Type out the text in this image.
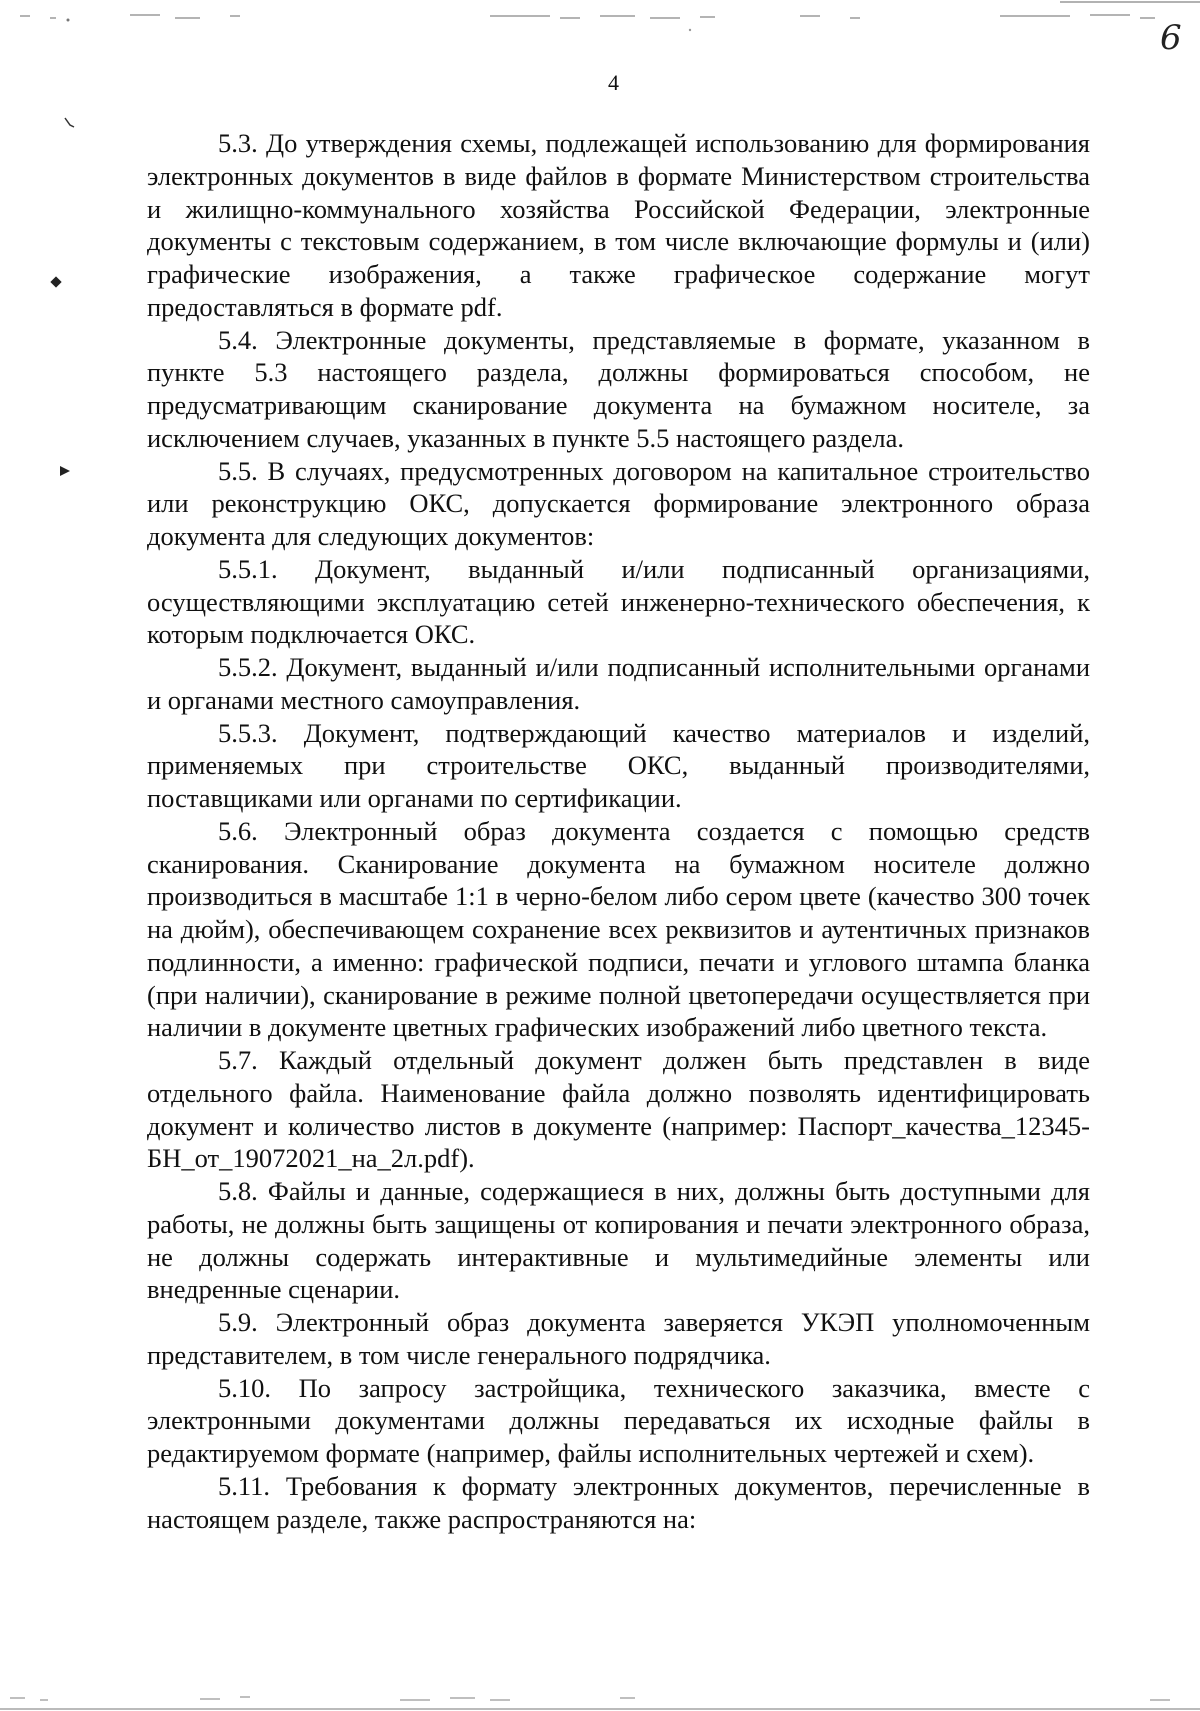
6
4

5.3. До утверждения схемы, подлежащей использованию для формирования электронных документов в виде файлов в формате Министерством строительства и жилищно-коммунального хозяйства Российской Федерации, электронные документы с текстовым содержанием, в том числе включающие формулы и (или) графические изображения, а также графическое содержание могут предоставляться в формате pdf.

5.4. Электронные документы, представляемые в формате, указанном в пункте 5.3 настоящего раздела, должны формироваться способом, не предусматривающим сканирование документа на бумажном носителе, за исключением случаев, указанных в пункте 5.5 настоящего раздела.

5.5. В случаях, предусмотренных договором на капитальное строительство или реконструкцию ОКС, допускается формирование электронного образа документа для следующих документов:

5.5.1. Документ, выданный и/или подписанный организациями, осуществляющими эксплуатацию сетей инженерно-технического обеспечения, к которым подключается ОКС.

5.5.2. Документ, выданный и/или подписанный исполнительными органами и органами местного самоуправления.

5.5.3. Документ, подтверждающий качество материалов и изделий, применяемых при строительстве ОКС, выданный производителями, поставщиками или органами по сертификации.

5.6. Электронный образ документа создается с помощью средств сканирования. Сканирование документа на бумажном носителе должно производиться в масштабе 1:1 в черно-белом либо сером цвете (качество 300 точек на дюйм), обеспечивающем сохранение всех реквизитов и аутентичных признаков подлинности, а именно: графической подписи, печати и углового штампа бланка (при наличии), сканирование в режиме полной цветопередачи осуществляется при наличии в документе цветных графических изображений либо цветного текста.

5.7. Каждый отдельный документ должен быть представлен в виде отдельного файла. Наименование файла должно позволять идентифицировать документ и количество листов в документе (например: Паспорт_качества_12345-БН_от_19072021_на_2л.pdf).

5.8. Файлы и данные, содержащиеся в них, должны быть доступными для работы, не должны быть защищены от копирования и печати электронного образа, не должны содержать интерактивные и мультимедийные элементы или внедренные сценарии.

5.9. Электронный образ документа заверяется УКЭП уполномоченным представителем, в том числе генерального подрядчика.

5.10. По запросу застройщика, технического заказчика, вместе с электронными документами должны передаваться их исходные файлы в редактируемом формате (например, файлы исполнительных чертежей и схем).

5.11. Требования к формату электронных документов, перечисленные в настоящем разделе, также распространяются на:
